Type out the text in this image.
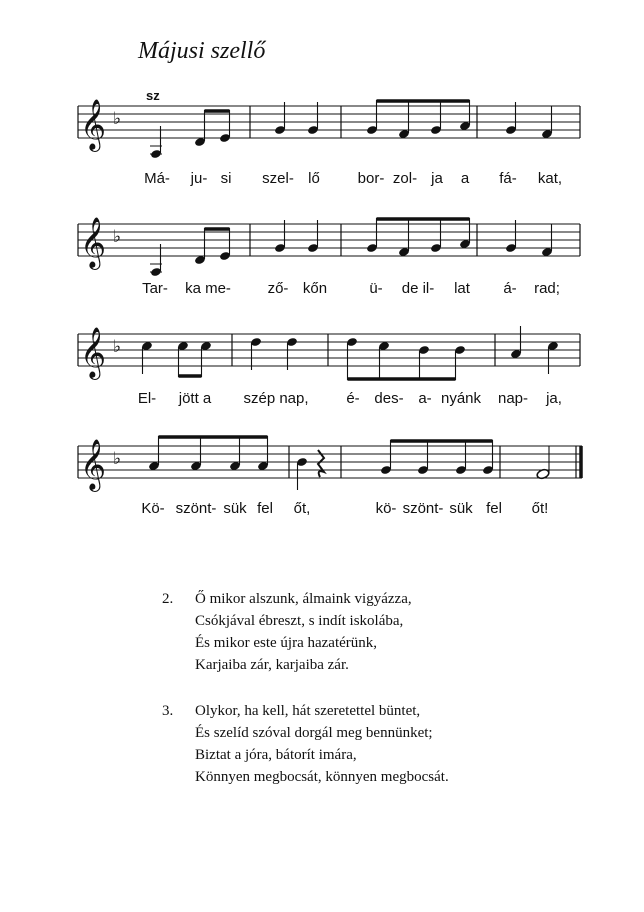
Májusi szellő
sz
𝄞 ♭
𝄞 ♭
𝄞 ♭
𝄞 ♭
Má- ju- si szel- lő	bor- zol- ja a fá- kat,
Tar- ka me- ző- kőn	ü- de il- lat á- rad;
El- jött a szép nap,	é- des- a- nyánk nap- ja,
Kö- szönt- sük fel őt,	kö- szönt- sük fel őt!
2. Ő mikor alszunk, álmaink vigyázza,
Csókjával ébreszt, s indít iskolába,
És mikor este újra hazatérünk,
Karjaiba zár, karjaiba zár.
3. Olykor, ha kell, hát szeretettel büntet,
És szelíd szóval dorgál meg bennünket;
Biztat a jóra, bátorít imára,
Könnyen megbocsát, könnyen megbocsát.
